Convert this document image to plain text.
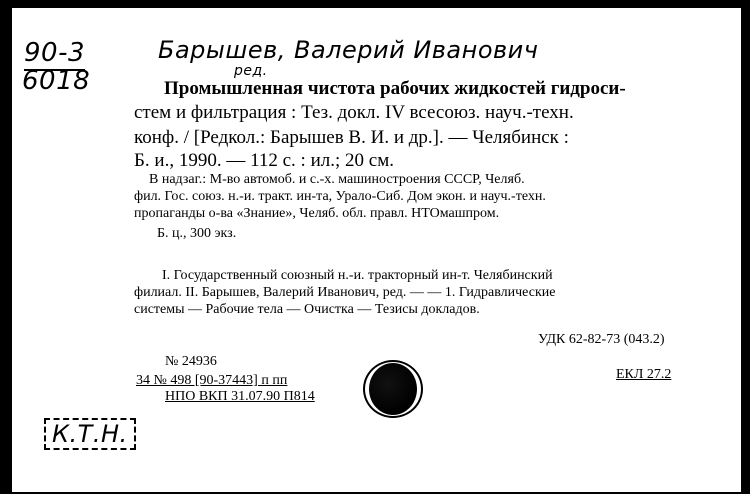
90-3
6018
Барышев, Валерий Иванович
ред.
Промышленная чистота рабочих жидкостей гидроси-
стем и фильтрация : Тез. докл. IV всесоюз. науч.-техн.
конф. / [Редкол.: Барышев В. И. и др.]. — Челябинск :
Б. и., 1990. — 112 с. : ил.; 20 см.
В надзаг.: М-во автомоб. и с.-х. машиностроения СССР, Челяб.
фил. Гос. союз. н.-и. тракт. ин-та, Урало-Сиб. Дом экон. и науч.-техн.
пропаганды о-ва «Знание», Челяб. обл. правл. НТОмашпром.
Б. ц., 300 экз.
I. Государственный союзный н.-и. тракторный ин-т. Челябинский
филиал. II. Барышев, Валерий Иванович, ред. — — 1. Гидравлические
системы — Рабочие тела — Очистка — Тезисы докладов.
УДК 62-82-73 (043.2)
ЕКЛ 27.2
№ 24936
34 № 498 [90-37443] п пп
НПО ВКП 31.07.90 П814
К.Т.Н.
